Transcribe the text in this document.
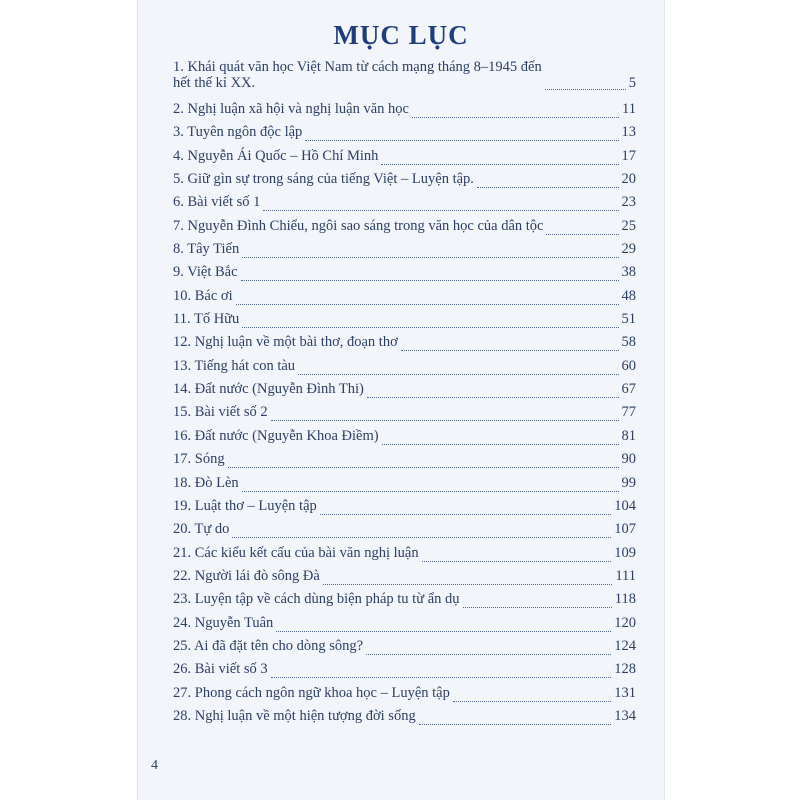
MỤC LỤC
4
1. Khái quát văn học Việt Nam từ cách mạng tháng 8–1945 đến
hết thế kỉ XX.	5
2. Nghị luận xã hội và nghị luận văn học	11
3. Tuyên ngôn độc lập	13
4. Nguyễn Ái Quốc – Hồ Chí Minh	17
5. Giữ gìn sự trong sáng của tiếng Việt – Luyện tập.	20
6. Bài viết số 1	23
7. Nguyễn Đình Chiểu, ngôi sao sáng trong văn học của dân tộc	25
8. Tây Tiến	29
9. Việt Bắc	38
10. Bác ơi	48
11. Tố Hữu	51
12. Nghị luận về một bài thơ, đoạn thơ	58
13. Tiếng hát con tàu	60
14. Đất nước (Nguyễn Đình Thi)	67
15. Bài viết số 2	77
16. Đất nước (Nguyễn Khoa Điềm)	81
17. Sóng	90
18. Đò Lèn	99
19. Luật thơ – Luyện tập	104
20. Tự do	107
21. Các kiểu kết cấu của bài văn nghị luận	109
22. Người lái đò sông Đà	111
23. Luyện tập về cách dùng biện pháp tu từ ẩn dụ	118
24. Nguyễn Tuân	120
25. Ai đã đặt tên cho dòng sông?	124
26. Bài viết số 3	128
27. Phong cách ngôn ngữ khoa học – Luyện tập	131
28. Nghị luận về một hiện tượng đời sống	134
